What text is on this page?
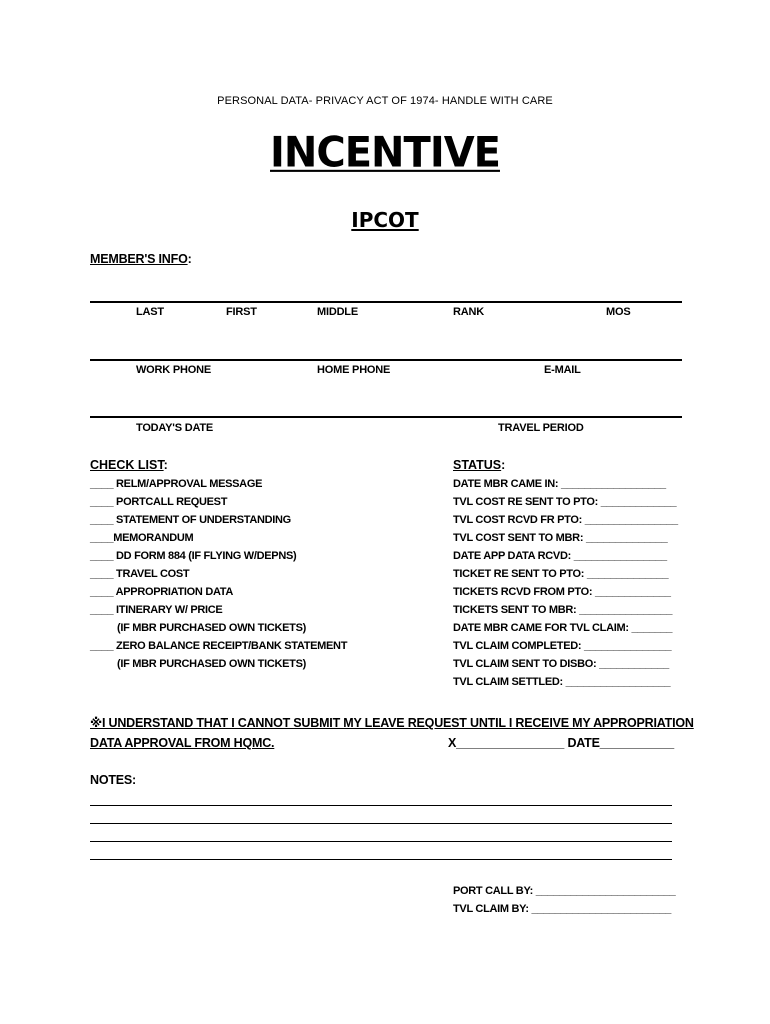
PERSONAL DATA- PRIVACY ACT OF 1974- HANDLE WITH CARE
INCENTIVE
IPCOT
MEMBER'S INFO:
LAST	FIRST	MIDDLE	RANK	MOS
WORK PHONE	HOME PHONE	E-MAIL
TODAY'S DATE	TRAVEL PERIOD
CHECK LIST:	STATUS:
____ RELM/APPROVAL MESSAGE
____ PORTCALL REQUEST
____ STATEMENT OF UNDERSTANDING
____MEMORANDUM
____ DD FORM 884 (IF FLYING W/DEPNS)
____ TRAVEL COST
____ APPROPRIATION DATA
____ ITINERARY W/ PRICE
(IF MBR PURCHASED OWN TICKETS)
____ ZERO BALANCE RECEIPT/BANK STATEMENT
(IF MBR PURCHASED OWN TICKETS)
DATE MBR CAME IN: __________________
TVL COST RE SENT TO PTO: _____________
TVL COST RCVD FR PTO: ________________
TVL COST SENT TO MBR: ______________
DATE APP DATA RCVD: ________________
TICKET RE SENT TO PTO: ______________
TICKETS RCVD FROM PTO: _____________
TICKETS SENT TO MBR: ________________
DATE MBR CAME FOR TVL CLAIM: _______
TVL CLAIM COMPLETED: _______________
TVL CLAIM SENT TO DISBO: ____________
TVL CLAIM SETTLED: __________________
※I UNDERSTAND THAT I CANNOT SUBMIT MY LEAVE REQUEST UNTIL I RECEIVE MY APPROPRIATION
DATA APPROVAL FROM HQMC.	X________________ DATE___________
NOTES:
PORT CALL BY: ________________________
TVL CLAIM BY: ________________________
